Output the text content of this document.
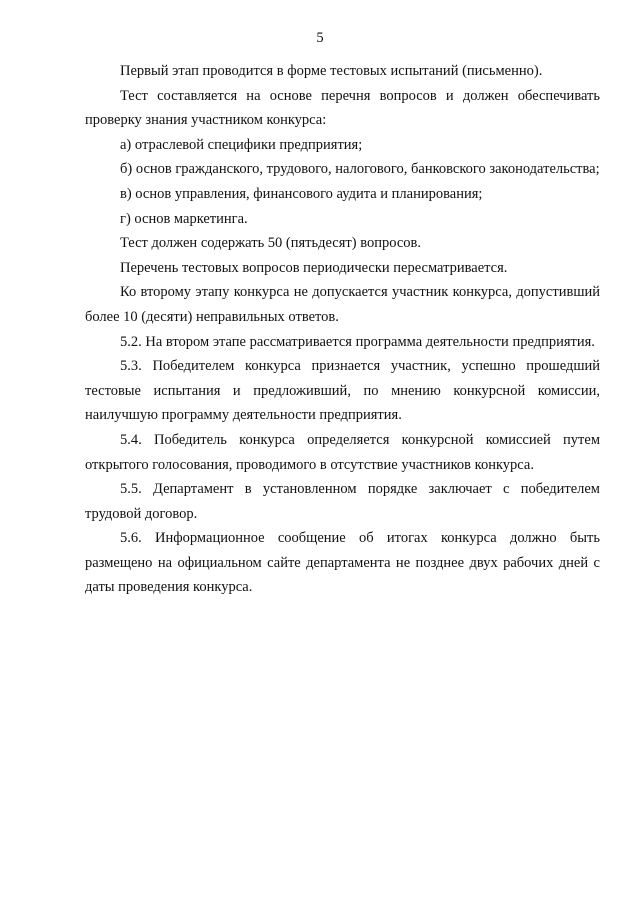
5

Первый этап проводится в форме тестовых испытаний (письменно).

Тест составляется на основе перечня вопросов и должен обеспечивать проверку знания участником конкурса:

а) отраслевой специфики предприятия;

б) основ гражданского, трудового, налогового, банковского законодательства;

в) основ управления, финансового аудита и планирования;

г) основ маркетинга.

Тест должен содержать 50 (пятьдесят) вопросов.

Перечень тестовых вопросов периодически пересматривается.

Ко второму этапу конкурса не допускается участник конкурса, допустивший более 10 (десяти) неправильных ответов.

5.2. На втором этапе рассматривается программа деятельности предприятия.

5.3. Победителем конкурса признается участник, успешно прошедший тестовые испытания и предложивший, по мнению конкурсной комиссии, наилучшую программу деятельности предприятия.

5.4. Победитель конкурса определяется конкурсной комиссией путем открытого голосования, проводимого в отсутствие участников конкурса.

5.5. Департамент в установленном порядке заключает с победителем трудовой договор.

5.6. Информационное сообщение об итогах конкурса должно быть размещено на официальном сайте департамента не позднее двух рабочих дней с даты проведения конкурса.
